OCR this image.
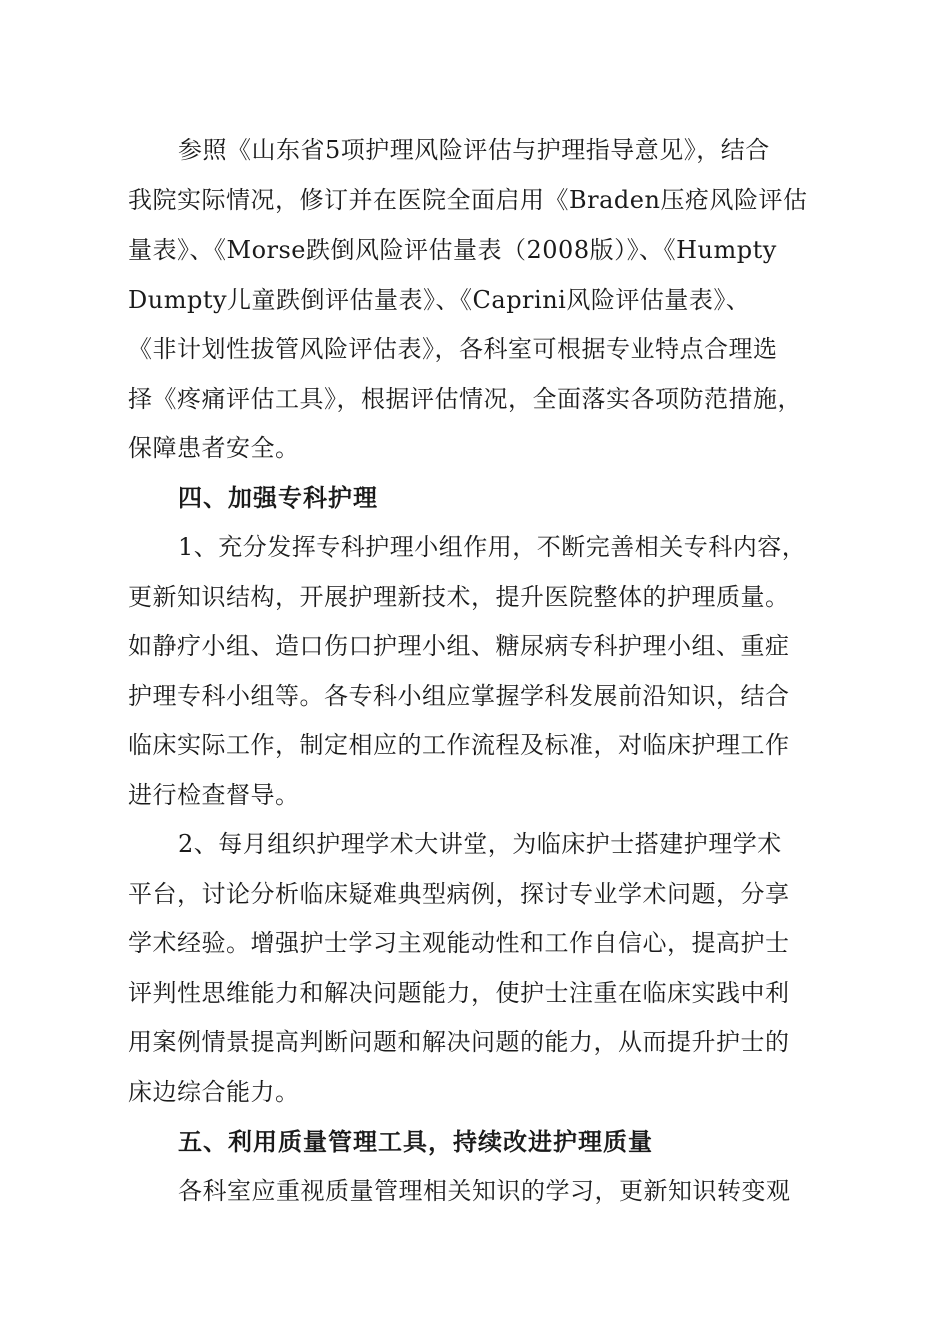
参照《山东省5项护理风险评估与护理指导意见》，结合
我院实际情况，修订并在医院全面启用《Braden压疮风险评估
量表》、《Morse跌倒风险评估量表（2008版）》、《Humpty
Dumpty儿童跌倒评估量表》、《Caprini风险评估量表》、
《非计划性拔管风险评估表》，各科室可根据专业特点合理选
择《疼痛评估工具》，根据评估情况，全面落实各项防范措施，
保障患者安全。
四、加强专科护理
1、充分发挥专科护理小组作用，不断完善相关专科内容，
更新知识结构，开展护理新技术，提升医院整体的护理质量。
如静疗小组、造口伤口护理小组、糖尿病专科护理小组、重症
护理专科小组等。各专科小组应掌握学科发展前沿知识，结合
临床实际工作，制定相应的工作流程及标准，对临床护理工作
进行检查督导。
2、每月组织护理学术大讲堂，为临床护士搭建护理学术
平台，讨论分析临床疑难典型病例，探讨专业学术问题，分享
学术经验。增强护士学习主观能动性和工作自信心，提高护士
评判性思维能力和解决问题能力，使护士注重在临床实践中利
用案例情景提高判断问题和解决问题的能力，从而提升护士的
床边综合能力。
五、利用质量管理工具，持续改进护理质量
各科室应重视质量管理相关知识的学习，更新知识转变观
